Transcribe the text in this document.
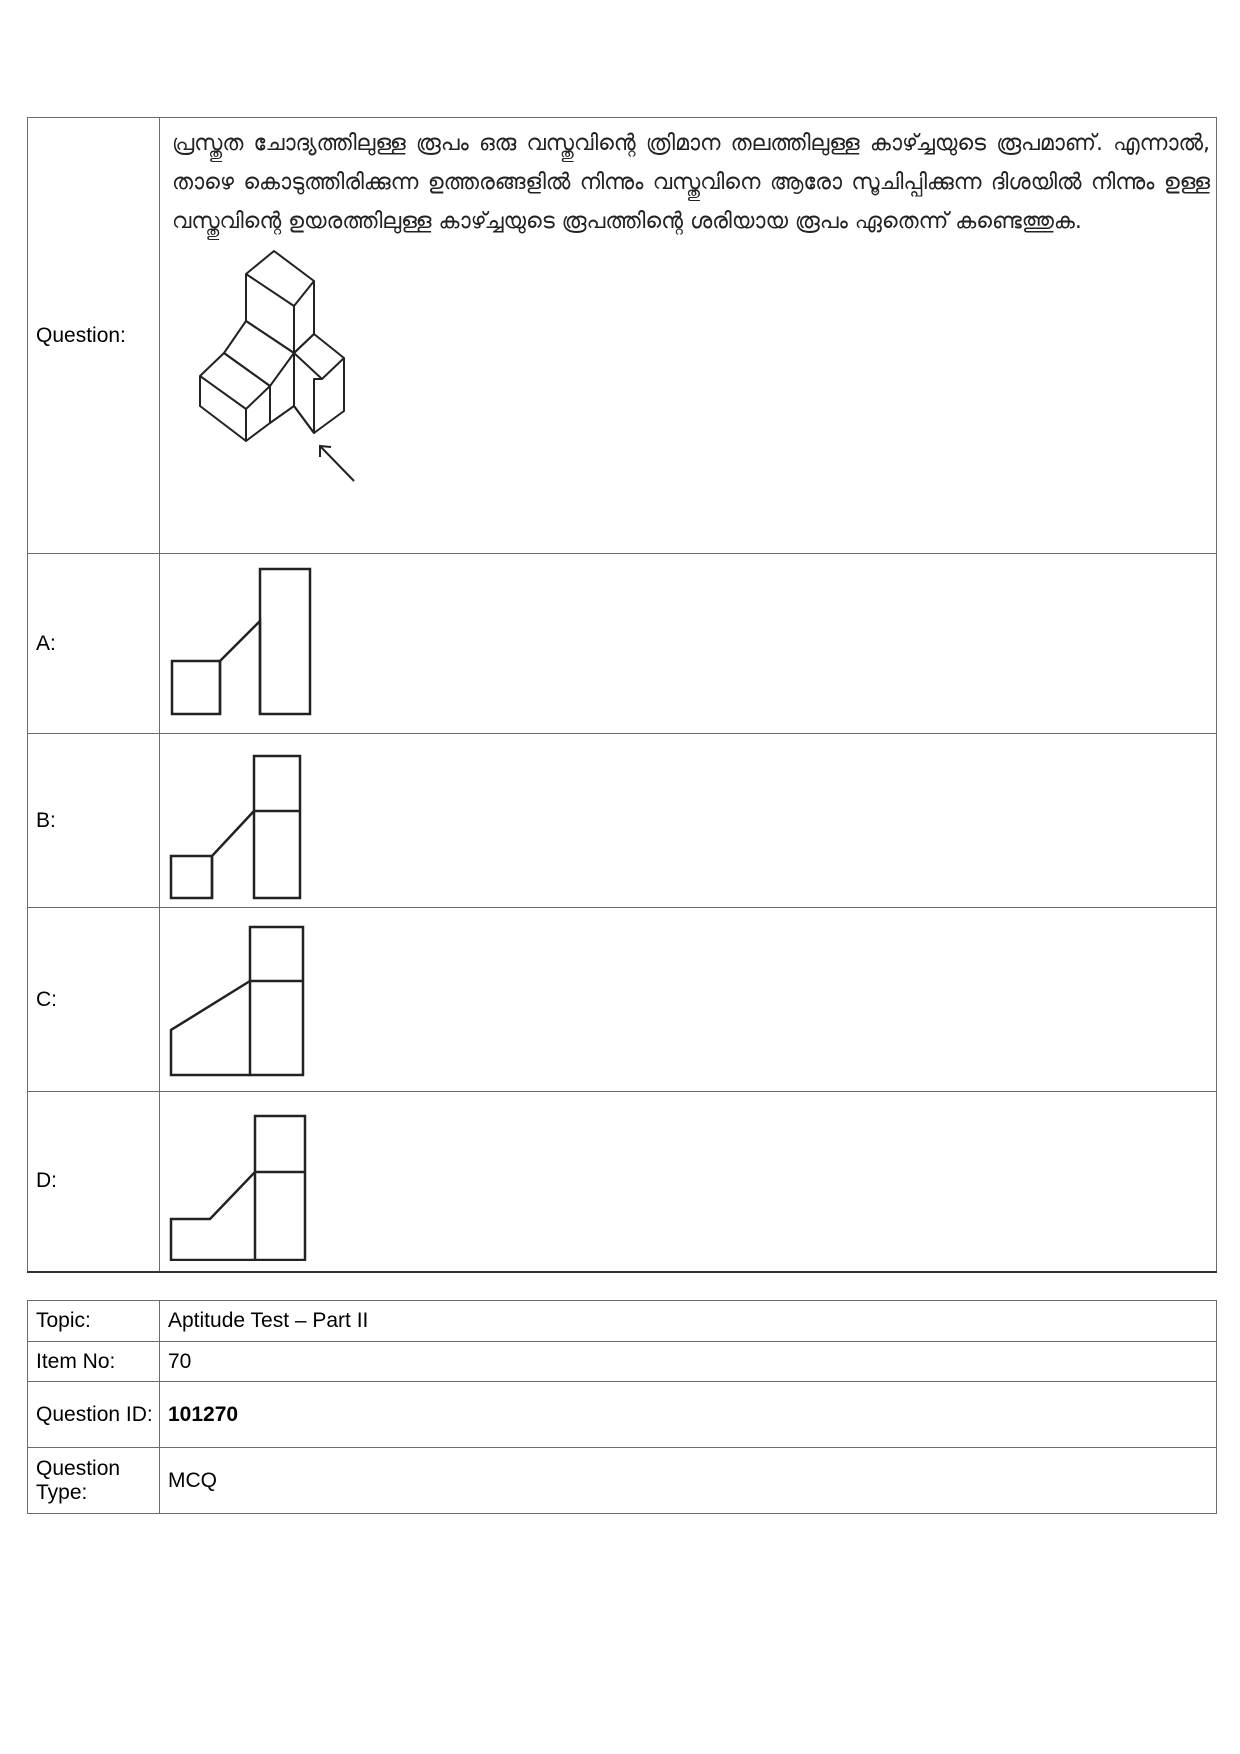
Question:	പ്രസ്തുത ചോദ്യത്തിലുള്ള രൂപം ഒരു വസ്തുവിന്റെ ത്രിമാന തലത്തിലുള്ള കാഴ്ച്ചയുടെ രൂപമാണ്. എന്നാൽ, താഴെ കൊടുത്തിരിക്കുന്ന ഉത്തരങ്ങളിൽ നിന്നും വസ്തുവിനെ ആരോ സൂചിപ്പിക്കുന്ന ദിശയിൽ നിന്നും ഉള്ള വസ്തുവിന്റെ ഉയരത്തിലുള്ള കാഴ്ച്ചയുടെ രൂപത്തിന്റെ ശരിയായ രൂപം ഏതെന്ന് കണ്ടെത്തുക.

A:	

B:	

C:	

D:	
Topic:	Aptitude Test – Part II
Item No:	70
Question ID:	101270
Question Type:	MCQ
